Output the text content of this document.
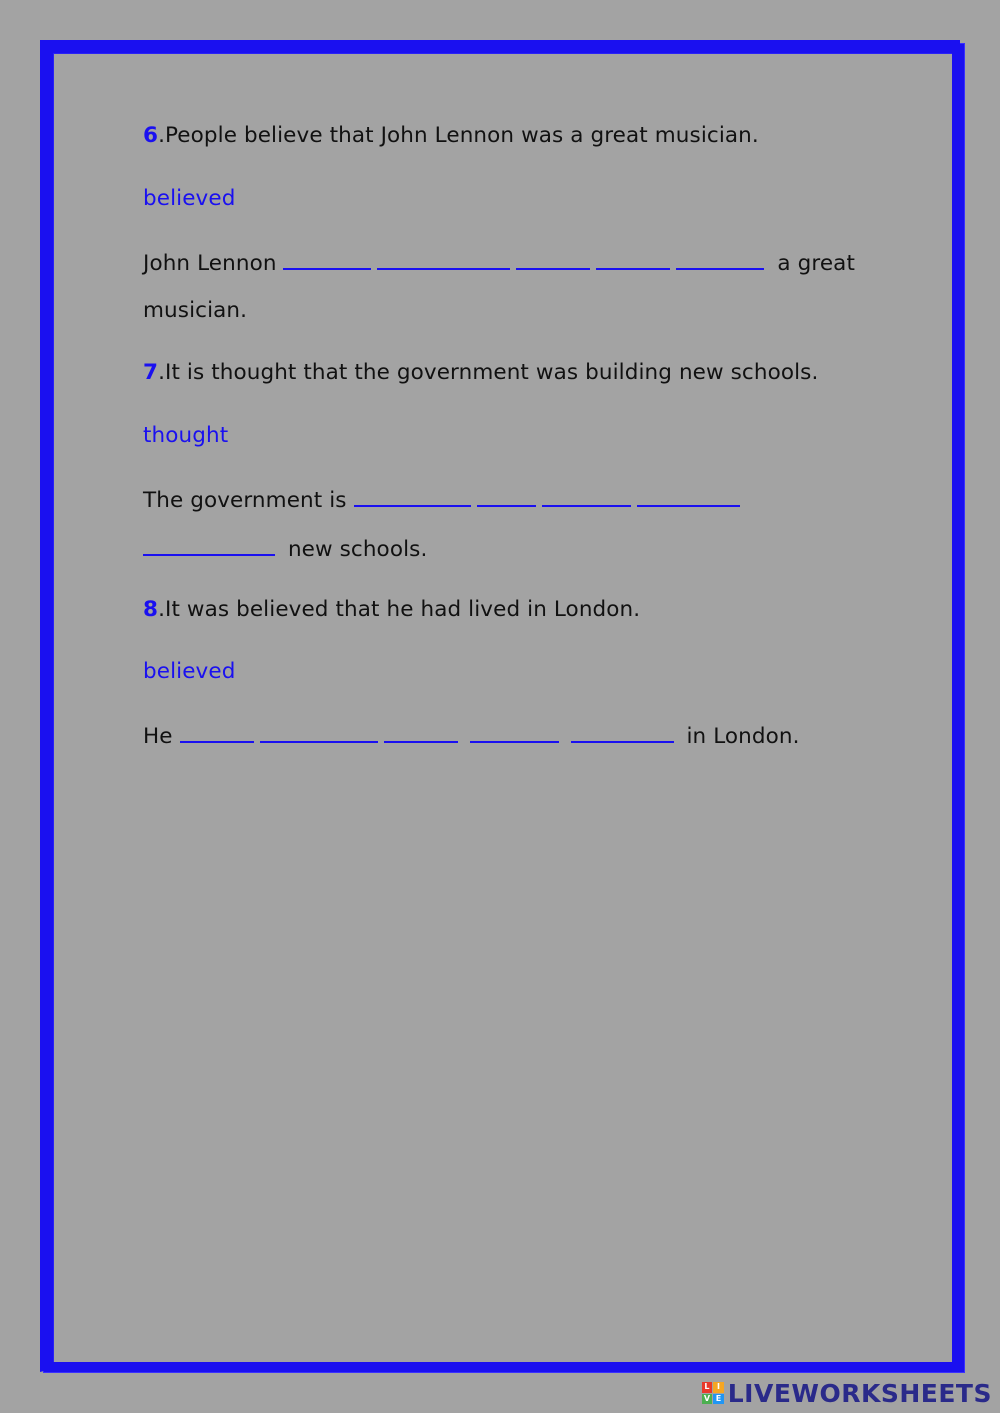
6.People believe that John Lennon was a great musician.
believed
John Lennon	a great
musician.
7.It is thought that the government was building new schools.
thought
The government is
new schools.
8.It was believed that he had lived in London.
believed
He	in London.
L I
V E LIVEWORKSHEETS
